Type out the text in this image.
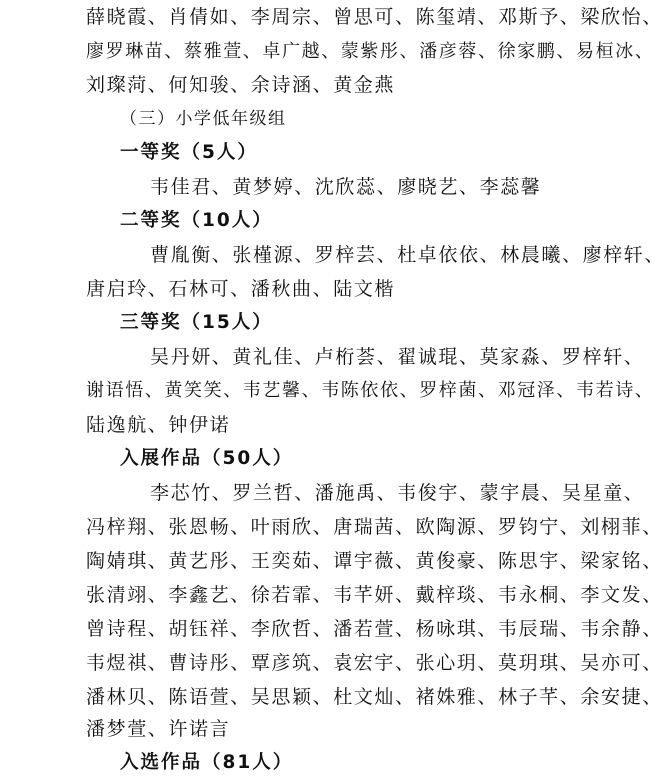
薛晓霞、肖倩如、李周宗、曾思可、陈玺靖、邓斯予、梁欣怡、
廖罗琳苗、蔡雅萱、卓广越、蒙紫彤、潘彦蓉、徐家鹏、易桓冰、
刘璨菏、何知骏、余诗涵、黄金燕
（三）小学低年级组
一等奖（5人）
韦佳君、黄梦婷、沈欣蕊、廖晓艺、李蕊馨
二等奖（10人）
曹胤衡、张槿源、罗梓芸、杜卓依依、林晨曦、廖梓轩、
唐启玲、石林可、潘秋曲、陆文楷
三等奖（15人）
吴丹妍、黄礼佳、卢桁荟、翟诚琨、莫家淼、罗梓轩、
谢语悟、黄笑笑、韦艺馨、韦陈依依、罗梓菌、邓冠泽、韦若诗、
陆逸航、钟伊诺
入展作品（50人）
李芯竹、罗兰哲、潘施禹、韦俊宇、蒙宇晨、吴星童、
冯梓翔、张恩畅、叶雨欣、唐瑞茜、欧陶源、罗钧宁、刘栩菲、
陶婧琪、黄艺彤、王奕茹、谭宇薇、黄俊豪、陈思宇、梁家铭、
张清翊、李鑫艺、徐若霏、韦芊妍、戴梓琰、韦永桐、李文发、
曾诗程、胡钰祥、李欣哲、潘若萱、杨咏琪、韦辰瑞、韦余静、
韦煜祺、曹诗彤、覃彦筑、袁宏宇、张心玥、莫玥琪、吴亦可、
潘林贝、陈语萱、吴思颖、杜文灿、褚姝雅、林子芊、余安捷、
潘梦萱、许诺言
入选作品（81人）
